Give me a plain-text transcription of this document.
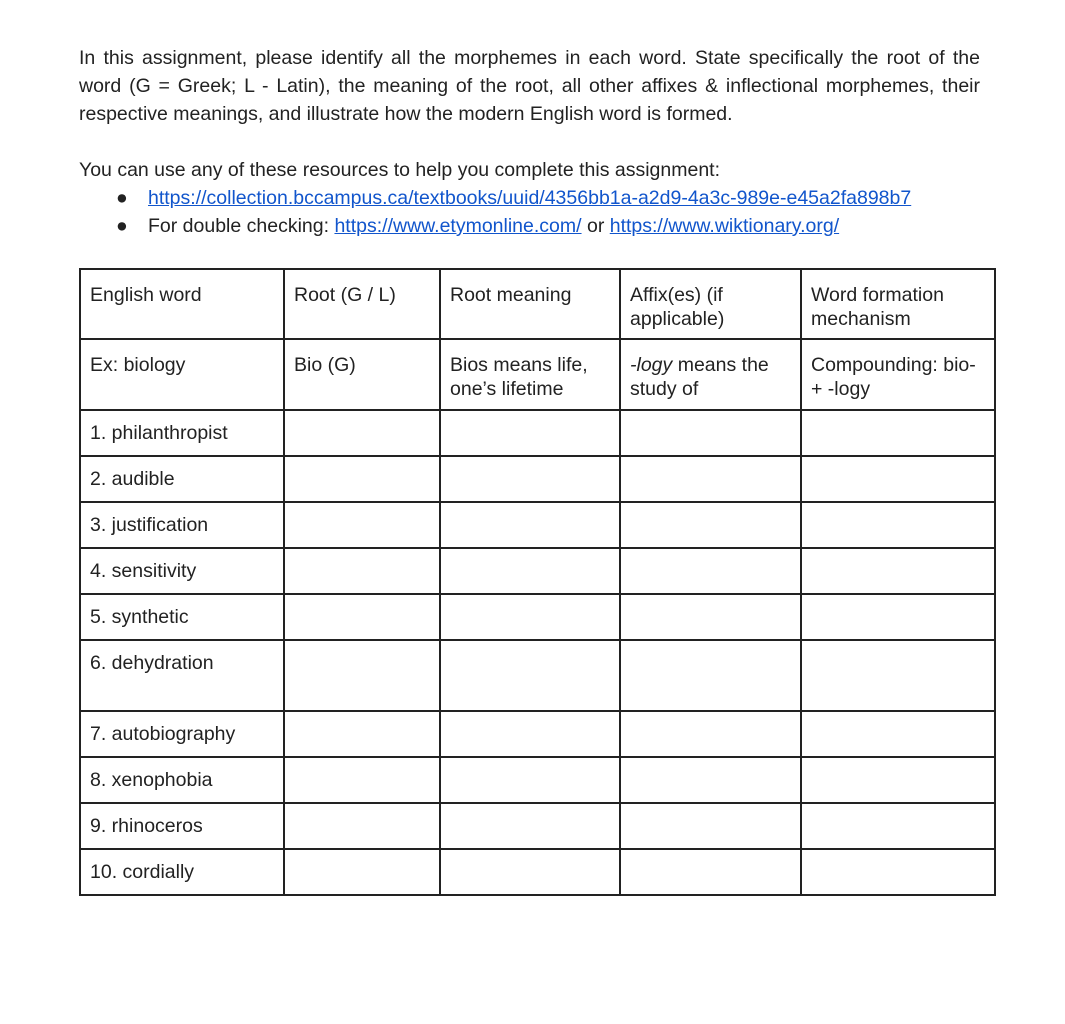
In this assignment, please identify all the morphemes in each word. State specifically the root of the word (G = Greek; L - Latin), the meaning of the root, all other affixes & inflectional morphemes, their respective meanings, and illustrate how the modern English word is formed.

You can use any of these resources to help you complete this assignment:

● https://collection.bccampus.ca/textbooks/uuid/4356bb1a-a2d9-4a3c-989e-e45a2fa898b7
● For double checking: https://www.etymonline.com/ or https://www.wiktionary.org/
English word	Root (G / L)	Root meaning	Affix(es) (if applicable)	Word formation mechanism
Ex: biology	Bio (G)	Bios means life, one’s lifetime	-logy means the study of	Compounding: bio- + -logy
1. philanthropist				
2. audible				
3. justification				
4. sensitivity				
5. synthetic				
6. dehydration				
7. autobiography				
8. xenophobia				
9. rhinoceros				
10. cordially				
